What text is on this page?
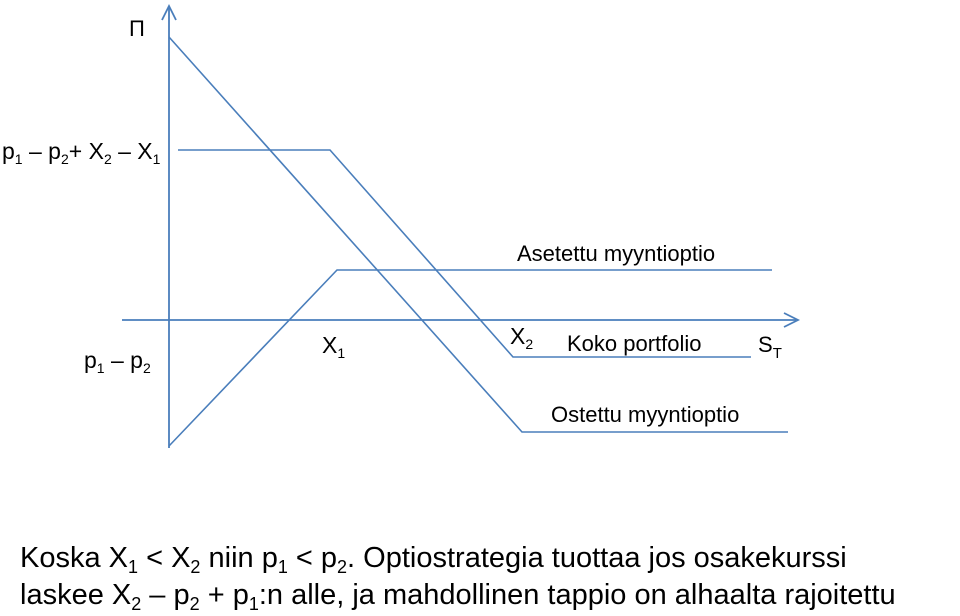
Π
$S_T$
$p_1 - p_2+ X_2 - X_1$
$p_1 - p_2$
$X_1$
$X_2$
Asetettu myyntioptio
Koko portfolio
Ostettu myyntioptio
Koska $X_1 < X_2$ niin $p_1 < p_2$. Optiostrategia tuottaa jos osakekurssi
laskee $X_2 - p_2$ + $p_1:n$ alle, ja mahdollinen tappio on alhaalta rajoitettu
